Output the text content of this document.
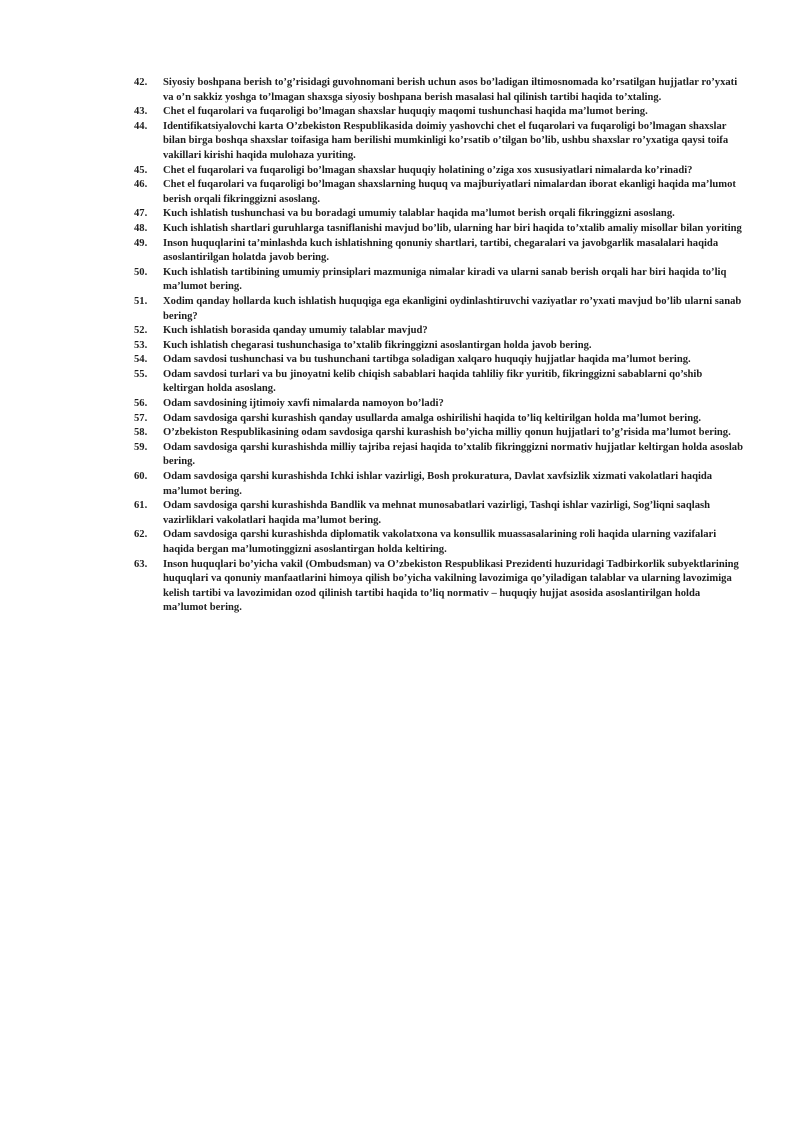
42.	Siyosiy boshpana berish to’g’risidagi guvohnomani berish uchun asos bo’ladigan iltimosnomada ko’rsatilgan hujjatlar ro’yxati va o’n sakkiz yoshga to’lmagan shaxsga siyosiy boshpana berish masalasi hal qilinish tartibi haqida to’xtaling.
43.	Chet el fuqarolari va fuqaroligi bo’lmagan shaxslar huquqiy maqomi tushunchasi haqida ma’lumot bering.
44.	Identifikatsiyalovchi karta O’zbekiston Respublikasida doimiy yashovchi chet el fuqarolari va fuqaroligi bo’lmagan shaxslar bilan birga boshqa shaxslar toifasiga ham berilishi mumkinligi ko’rsatib o’tilgan bo’lib, ushbu shaxslar ro’yxatiga qaysi toifa vakillari kirishi haqida mulohaza yuriting.
45.	Chet el fuqarolari va fuqaroligi bo’lmagan shaxslar huquqiy holatining o’ziga xos xususiyatlari nimalarda ko’rinadi?
46.	Chet el fuqarolari va fuqaroligi bo’lmagan shaxslarning huquq va majburiyatlari nimalardan iborat ekanligi haqida ma’lumot berish orqali fikringgizni asoslang.
47.	Kuch ishlatish tushunchasi va bu boradagi umumiy talablar haqida ma’lumot berish orqali fikringgizni asoslang.
48.	Kuch ishlatish shartlari guruhlarga tasniflanishi mavjud bo’lib, ularning har biri haqida to’xtalib amaliy misollar bilan yoriting
49.	Inson huquqlarini ta’minlashda kuch ishlatishning qonuniy shartlari, tartibi, chegaralari va javobgarlik masalalari haqida asoslantirilgan holatda javob bering.
50.	Kuch ishlatish tartibining umumiy prinsiplari mazmuniga nimalar kiradi va ularni sanab berish orqali har biri haqida to’liq ma’lumot bering.
51.	Xodim qanday hollarda kuch ishlatish huquqiga ega ekanligini oydinlashtiruvchi vaziyatlar ro’yxati mavjud bo’lib ularni sanab bering?
52.	Kuch ishlatish borasida qanday umumiy talablar mavjud?
53.	Kuch ishlatish chegarasi tushunchasiga to’xtalib fikringgizni asoslantirgan holda javob bering.
54.	Odam savdosi tushunchasi va bu tushunchani tartibga soladigan xalqaro huquqiy hujjatlar haqida ma’lumot bering.
55.	Odam savdosi turlari va bu jinoyatni kelib chiqish sabablari haqida tahliliy fikr yuritib, fikringgizni sabablarni qo’shib keltirgan holda asoslang.
56.	Odam savdosining ijtimoiy xavfi nimalarda namoyon bo’ladi?
57.	Odam savdosiga qarshi kurashish qanday usullarda amalga oshirilishi haqida to’liq keltirilgan holda ma’lumot bering.
58.	O’zbekiston Respublikasining odam savdosiga qarshi kurashish bo’yicha milliy qonun hujjatlari to’g’risida ma’lumot bering.
59.	Odam savdosiga qarshi kurashishda milliy tajriba rejasi haqida to’xtalib fikringgizni normativ hujjatlar keltirgan holda asoslab bering.
60.	Odam savdosiga qarshi kurashishda Ichki ishlar vazirligi, Bosh prokuratura, Davlat xavfsizlik xizmati vakolatlari haqida ma’lumot bering.
61.	Odam savdosiga qarshi kurashishda Bandlik va mehnat munosabatlari vazirligi, Tashqi ishlar vazirligi, Sog’liqni saqlash vazirliklari vakolatlari haqida ma’lumot bering.
62.	Odam savdosiga qarshi kurashishda diplomatik vakolatxona va konsullik muassasalarining roli haqida ularning vazifalari haqida bergan ma’lumotinggizni asoslantirgan holda keltiring.
63.	Inson huquqlari bo’yicha vakil (Ombudsman) va O’zbekiston Respublikasi Prezidenti huzuridagi Tadbirkorlik subyektlarining huquqlari va qonuniy manfaatlarini himoya qilish bo’yicha vakilning lavozimiga qo’yiladigan talablar va ularning lavozimiga kelish tartibi va lavozimidan ozod qilinish tartibi haqida to’liq normativ – huquqiy hujjat asosida asoslantirilgan holda ma’lumot bering.
